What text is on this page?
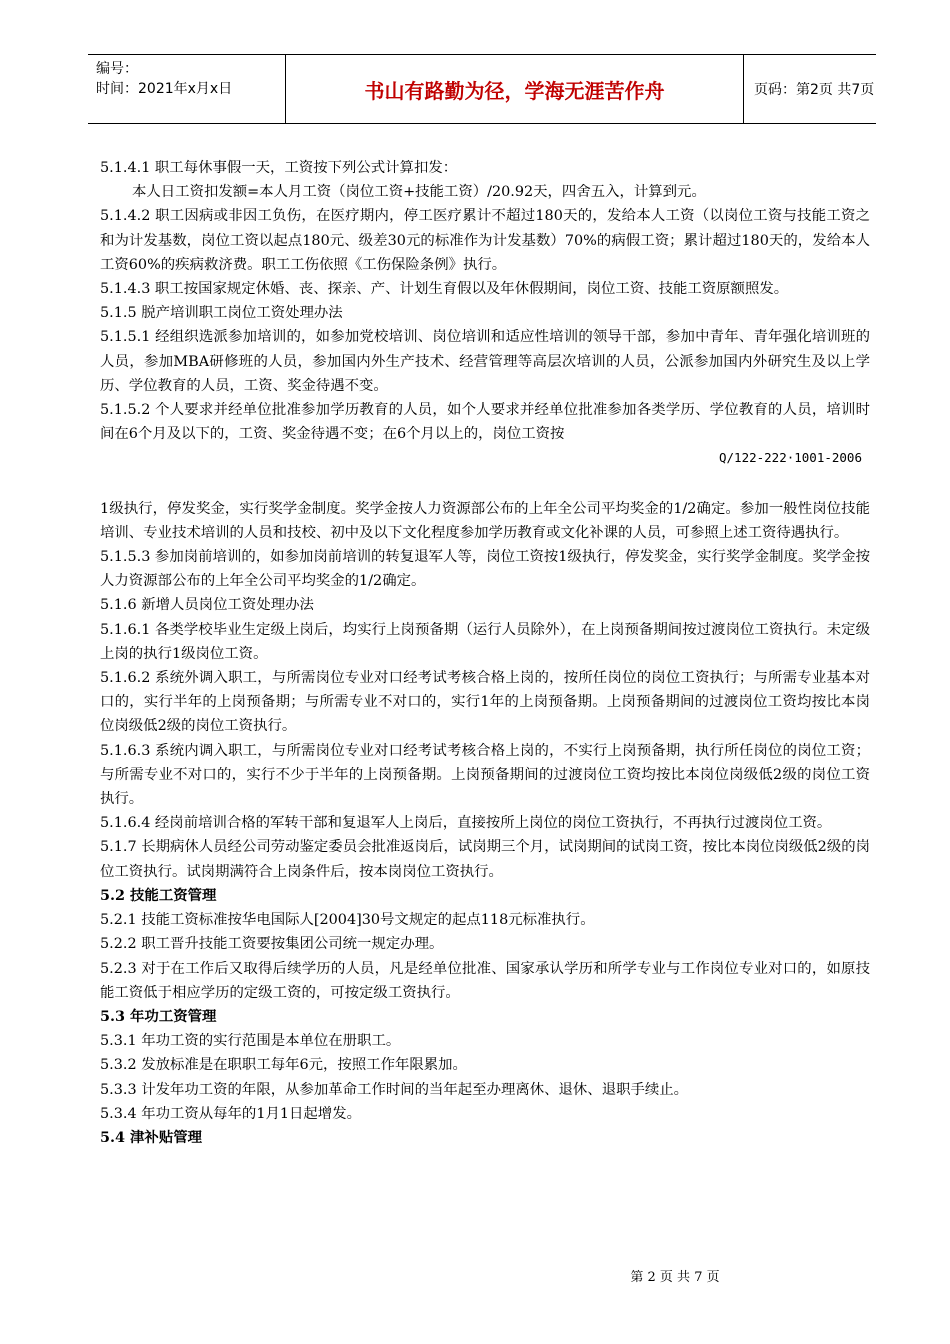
编号：
时间：2021年x月x日	书山有路勤为径，学海无涯苦作舟	页码：第2页 共7页

5.1.4.1 职工每休事假一天，工资按下列公式计算扣发：

本人日工资扣发额=本人月工资（岗位工资+技能工资）/20.92天，四舍五入，计算到元。

5.1.4.2 职工因病或非因工负伤，在医疗期内，停工医疗累计不超过180天的，发给本人工资（以岗位工资与技能工资之和为计发基数，岗位工资以起点180元、级差30元的标准作为计发基数）70%的病假工资；累计超过180天的，发给本人工资60%的疾病救济费。职工工伤依照《工伤保险条例》执行。

5.1.4.3 职工按国家规定休婚、丧、探亲、产、计划生育假以及年休假期间，岗位工资、技能工资原额照发。

5.1.5 脱产培训职工岗位工资处理办法

5.1.5.1 经组织选派参加培训的，如参加党校培训、岗位培训和适应性培训的领导干部，参加中青年、青年强化培训班的人员，参加MBA研修班的人员，参加国内外生产技术、经营管理等高层次培训的人员，公派参加国内外研究生及以上学历、学位教育的人员，工资、奖金待遇不变。

5.1.5.2 个人要求并经单位批准参加学历教育的人员，如个人要求并经单位批准参加各类学历、学位教育的人员，培训时间在6个月及以下的，工资、奖金待遇不变；在6个月以上的，岗位工资按

Q/122-222·1001-2006

1级执行，停发奖金，实行奖学金制度。奖学金按人力资源部公布的上年全公司平均奖金的1/2确定。参加一般性岗位技能培训、专业技术培训的人员和技校、初中及以下文化程度参加学历教育或文化补课的人员，可参照上述工资待遇执行。

5.1.5.3 参加岗前培训的，如参加岗前培训的转复退军人等，岗位工资按1级执行，停发奖金，实行奖学金制度。奖学金按人力资源部公布的上年全公司平均奖金的1/2确定。

5.1.6 新增人员岗位工资处理办法

5.1.6.1 各类学校毕业生定级上岗后，均实行上岗预备期（运行人员除外），在上岗预备期间按过渡岗位工资执行。未定级上岗的执行1级岗位工资。

5.1.6.2 系统外调入职工，与所需岗位专业对口经考试考核合格上岗的，按所任岗位的岗位工资执行；与所需专业基本对口的，实行半年的上岗预备期；与所需专业不对口的，实行1年的上岗预备期。上岗预备期间的过渡岗位工资均按比本岗位岗级低2级的岗位工资执行。

5.1.6.3 系统内调入职工，与所需岗位专业对口经考试考核合格上岗的，不实行上岗预备期，执行所任岗位的岗位工资；与所需专业不对口的，实行不少于半年的上岗预备期。上岗预备期间的过渡岗位工资均按比本岗位岗级低2级的岗位工资执行。

5.1.6.4 经岗前培训合格的军转干部和复退军人上岗后，直接按所上岗位的岗位工资执行，不再执行过渡岗位工资。

5.1.7 长期病休人员经公司劳动鉴定委员会批准返岗后，试岗期三个月，试岗期间的试岗工资，按比本岗位岗级低2级的岗位工资执行。试岗期满符合上岗条件后，按本岗岗位工资执行。

5.2 技能工资管理

5.2.1 技能工资标准按华电国际人[2004]30号文规定的起点118元标准执行。

5.2.2 职工晋升技能工资要按集团公司统一规定办理。

5.2.3 对于在工作后又取得后续学历的人员，凡是经单位批准、国家承认学历和所学专业与工作岗位专业对口的，如原技能工资低于相应学历的定级工资的，可按定级工资执行。

5.3 年功工资管理

5.3.1 年功工资的实行范围是本单位在册职工。

5.3.2 发放标准是在职职工每年6元，按照工作年限累加。

5.3.3 计发年功工资的年限，从参加革命工作时间的当年起至办理离休、退休、退职手续止。

5.3.4 年功工资从每年的1月1日起增发。

5.4 津补贴管理

第 2 页 共 7 页
